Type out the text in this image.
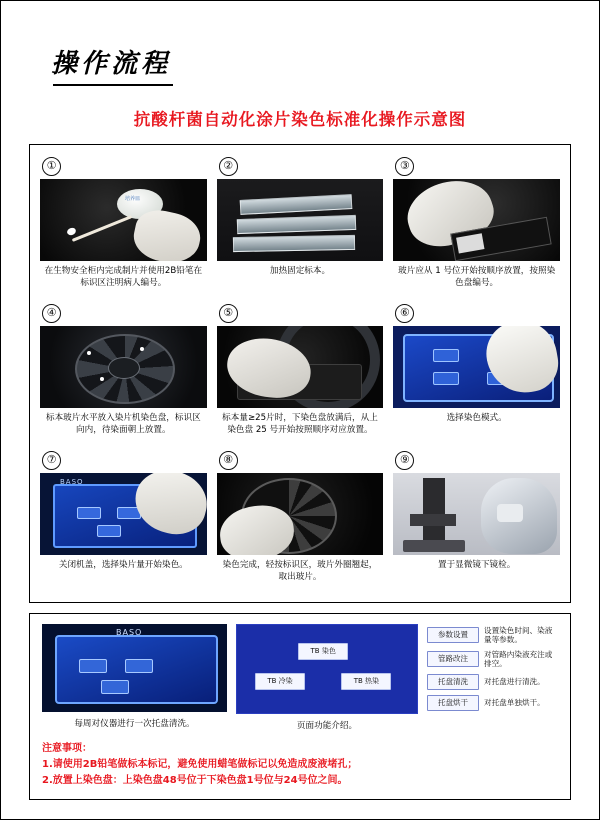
操作流程
抗酸杆菌自动化涂片染色标准化操作示意图
①
培养皿
在生物安全柜内完成制片并使用2B铅笔在标识区注明病人编号。
②
加热固定标本。
③
玻片应从 1 号位开始按顺序放置，按照染色盘编号。
④
标本玻片水平放入染片机染色盘，标识区向内，待染面朝上放置。
⑤
标本量≥25片时，下染色盘放满后，从上染色盘 25 号开始按照顺序对应放置。
⑥
选择染色模式。
⑦
BASO
关闭机盖，选择染片量开始染色。
⑧
染色完成，轻按标识区，玻片外圈翘起，取出玻片。
⑨
置于显微镜下镜检。
BASO
每周对仪器进行一次托盘清洗。
TB 染色
TB 冷染	TB 热染
页面功能介绍。
参数设置	设置染色时间、染液量等参数。
管路改注	对管路内染液充注或排空。
托盘清洗	对托盘进行清洗。
托盘烘干	对托盘单独烘干。
注意事项：
1.请使用2B铅笔做标本标记，避免使用蜡笔做标记以免造成废液堵孔；
2.放置上染色盘：上染色盘48号位于下染色盘1号位与24号位之间。
